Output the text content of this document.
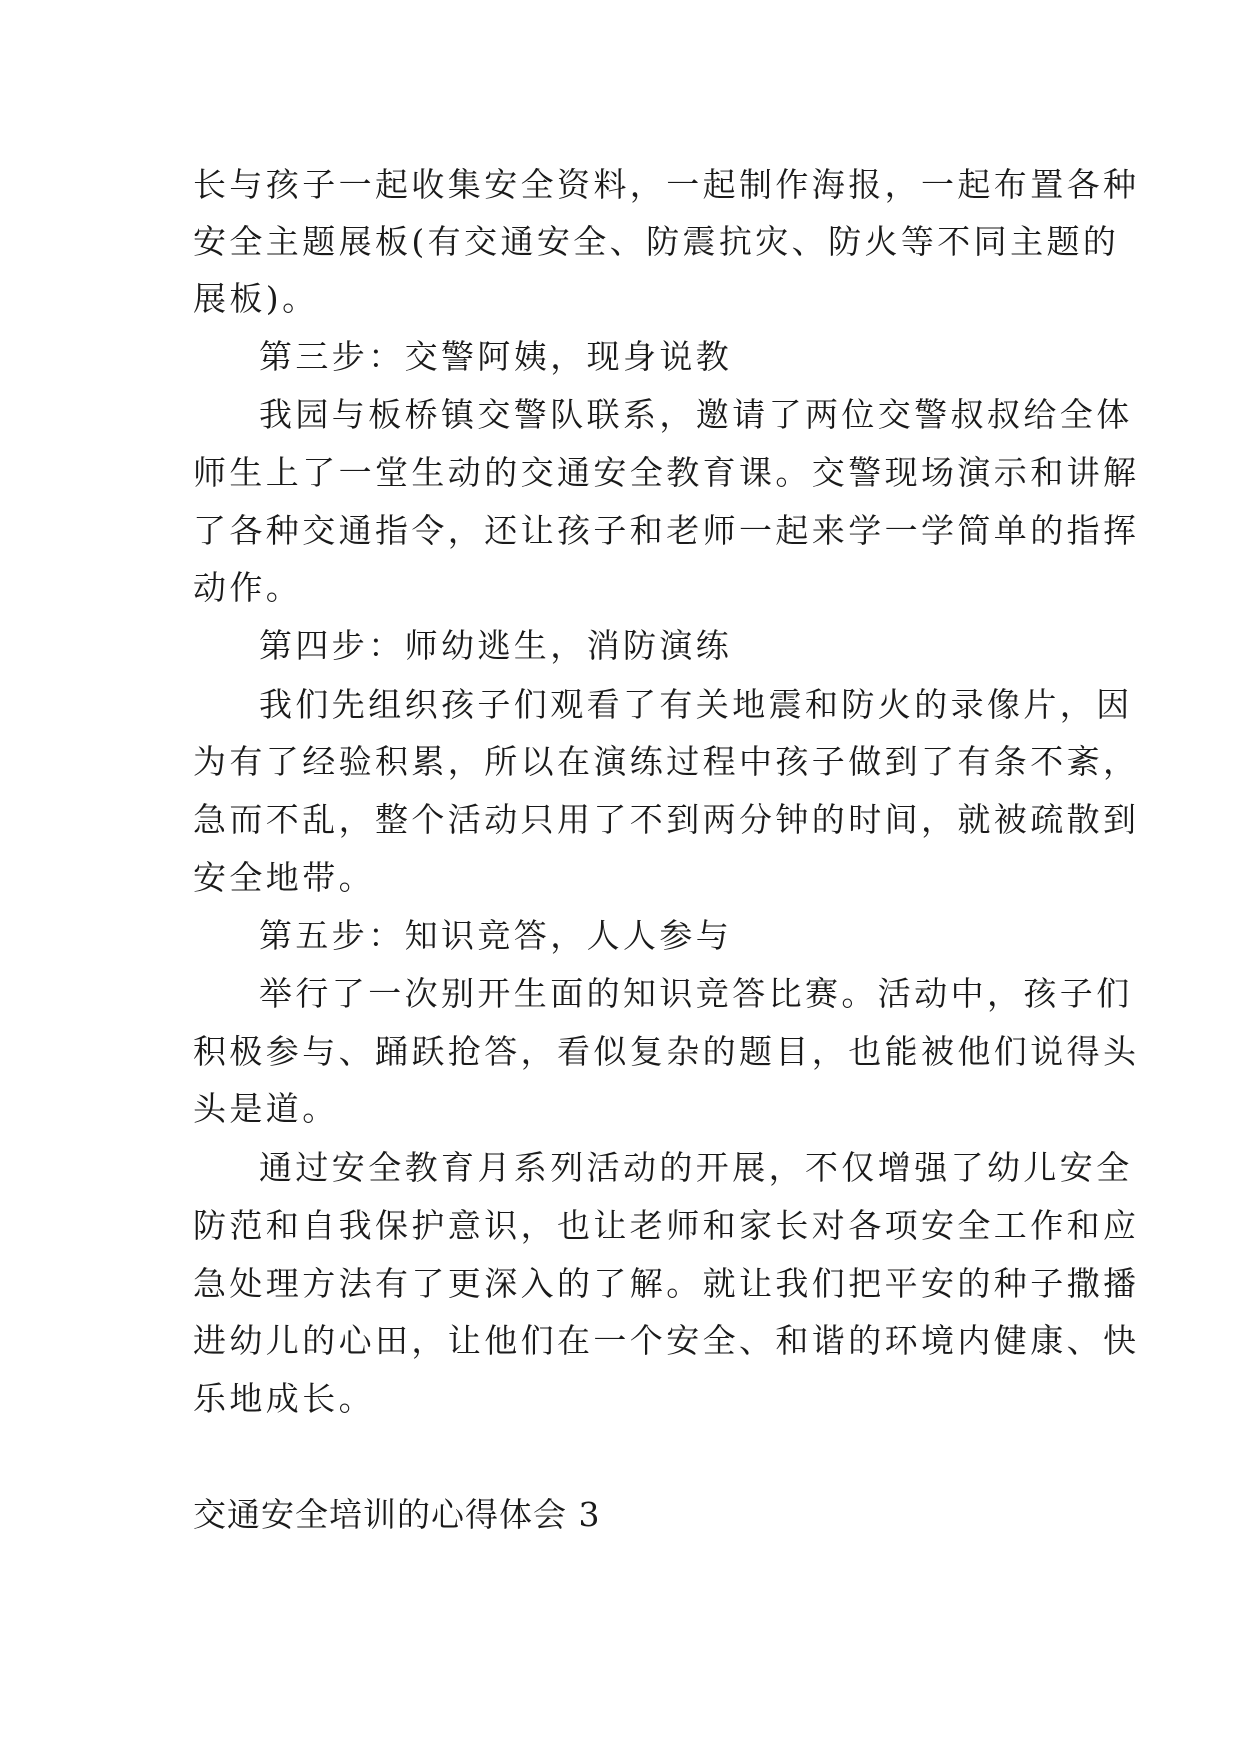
长与孩子一起收集安全资料，一起制作海报，一起布置各种
安全主题展板(有交通安全、防震抗灾、防火等不同主题的
展板)。
第三步：交警阿姨，现身说教
我园与板桥镇交警队联系，邀请了两位交警叔叔给全体
师生上了一堂生动的交通安全教育课。交警现场演示和讲解
了各种交通指令，还让孩子和老师一起来学一学简单的指挥
动作。
第四步：师幼逃生，消防演练
我们先组织孩子们观看了有关地震和防火的录像片，因
为有了经验积累，所以在演练过程中孩子做到了有条不紊，
急而不乱，整个活动只用了不到两分钟的时间，就被疏散到
安全地带。
第五步：知识竞答，人人参与
举行了一次别开生面的知识竞答比赛。活动中，孩子们
积极参与、踊跃抢答，看似复杂的题目，也能被他们说得头
头是道。
通过安全教育月系列活动的开展，不仅增强了幼儿安全
防范和自我保护意识，也让老师和家长对各项安全工作和应
急处理方法有了更深入的了解。就让我们把平安的种子撒播
进幼儿的心田，让他们在一个安全、和谐的环境内健康、快
乐地成长。
交通安全培训的心得体会 3
